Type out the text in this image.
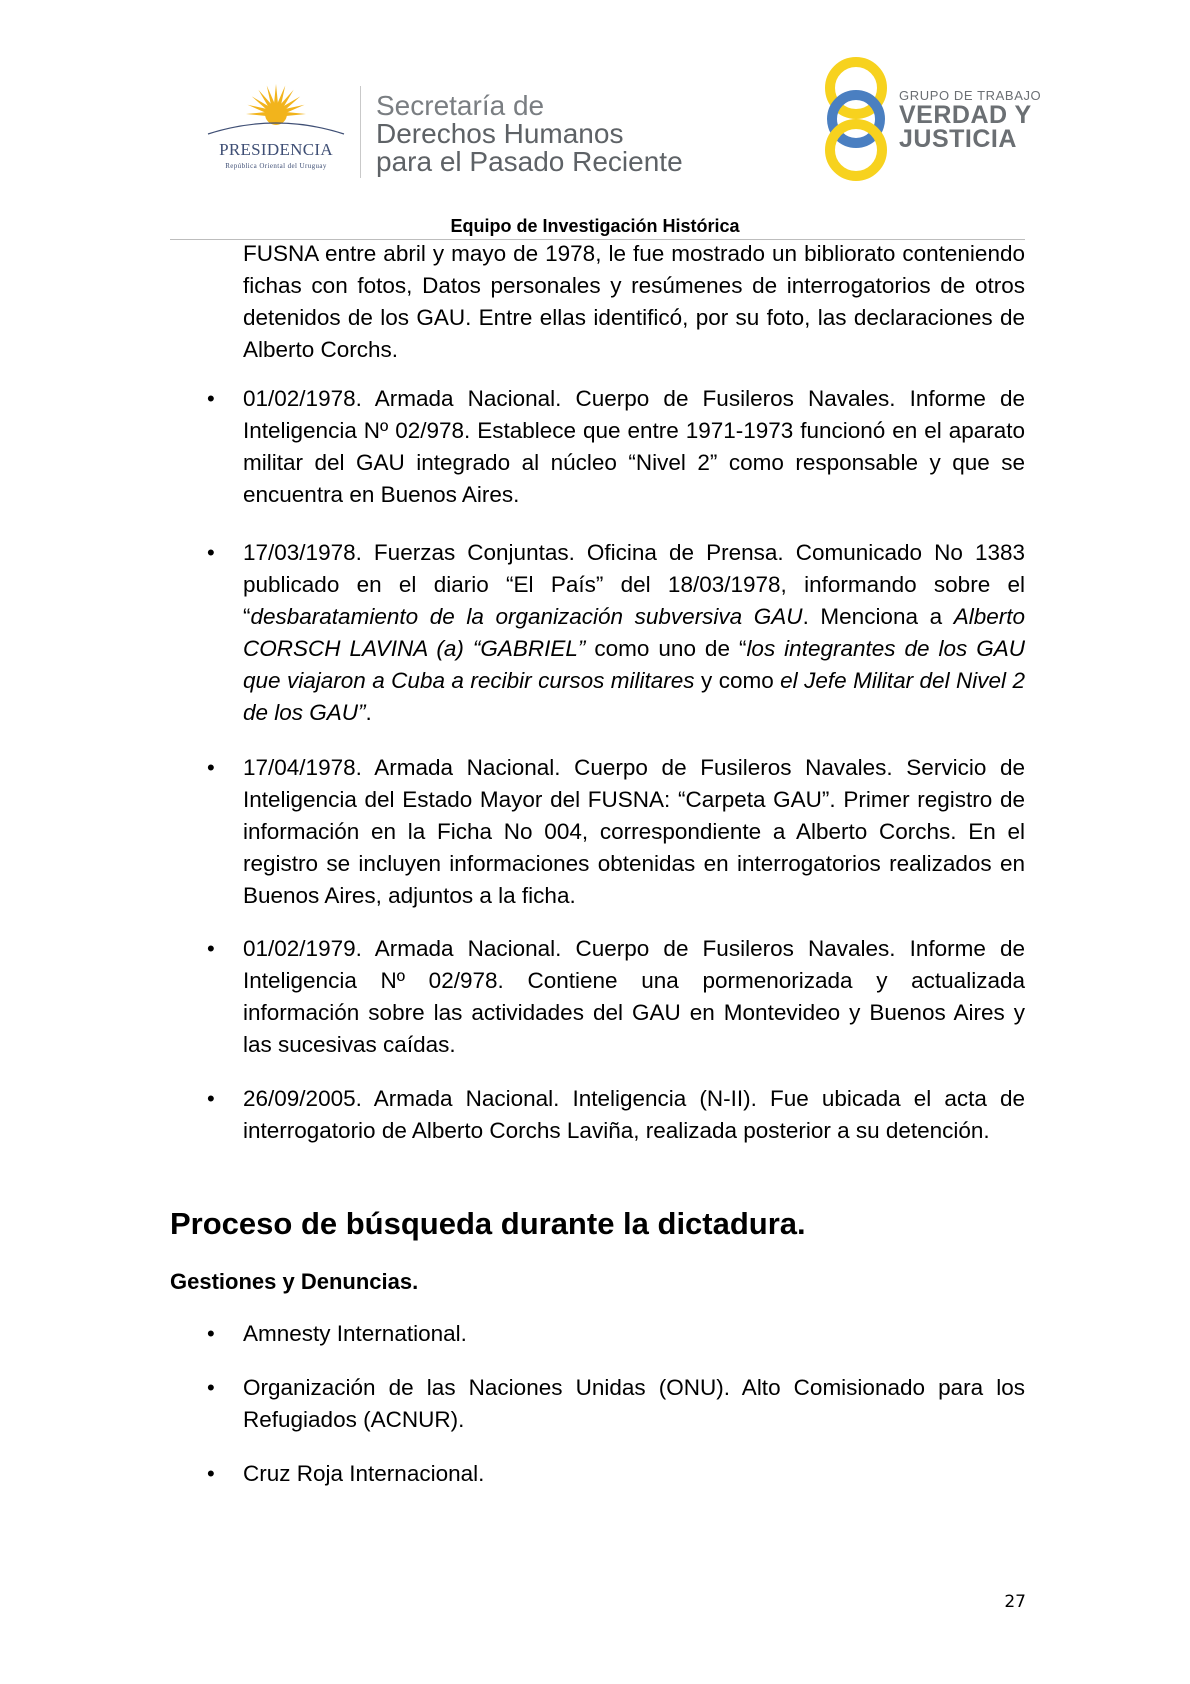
PRESIDENCIA
República Oriental del Uruguay
Secretaría de
Derechos Humanos
para el Pasado Reciente
GRUPO DE TRABAJO
VERDAD Y
JUSTICIA
Equipo de Investigación Histórica
FUSNA entre abril y mayo de 1978, le fue mostrado un biblioratо conteniendo fichas con fotos, Datos personales y resúmenes de interrogatorios de otros detenidos de los GAU. Entre ellas identificó, por su foto, las declaraciones de Alberto Corchs.
• 01/02/1978. Armada Nacional. Cuerpo de Fusileros Navales. Informe de Inteligencia Nº 02/978. Establece que entre 1971-1973 funcionó en el aparato militar del GAU integrado al núcleo “Nivel 2” como responsable y que se encuentra en Buenos Aires.
• 17/03/1978. Fuerzas Conjuntas. Oficina de Prensa. Comunicado No 1383 publicado en el diario “El País” del 18/03/1978, informando sobre el “desbaratamiento de la organización subversiva GAU. Menciona a Alberto CORSCH LAVINA (a) “GABRIEL” como uno de “los integrantes de los GAU que viajaron a Cuba a recibir cursos militares y como el Jefe Militar del Nivel 2 de los GAU”.
• 17/04/1978. Armada Nacional. Cuerpo de Fusileros Navales. Servicio de Inteligencia del Estado Mayor del FUSNA: “Carpeta GAU”. Primer registro de información en la Ficha No 004, correspondiente a Alberto Corchs. En el registro se incluyen informaciones obtenidas en interrogatorios realizados en Buenos Aires, adjuntos a la ficha.
• 01/02/1979. Armada Nacional. Cuerpo de Fusileros Navales. Informe de Inteligencia Nº 02/978. Contiene una pormenorizada y actualizada información sobre las actividades del GAU en Montevideo y Buenos Aires y las sucesivas caídas.
• 26/09/2005. Armada Nacional. Inteligencia (N-II). Fue ubicada el acta de interrogatorio de Alberto Corchs Laviña, realizada posterior a su detención.
Proceso de búsqueda durante la dictadura.
Gestiones y Denuncias.
• Amnesty International.
• Organización de las Naciones Unidas (ONU). Alto Comisionado para los Refugiados (ACNUR).
• Cruz Roja Internacional.
27
